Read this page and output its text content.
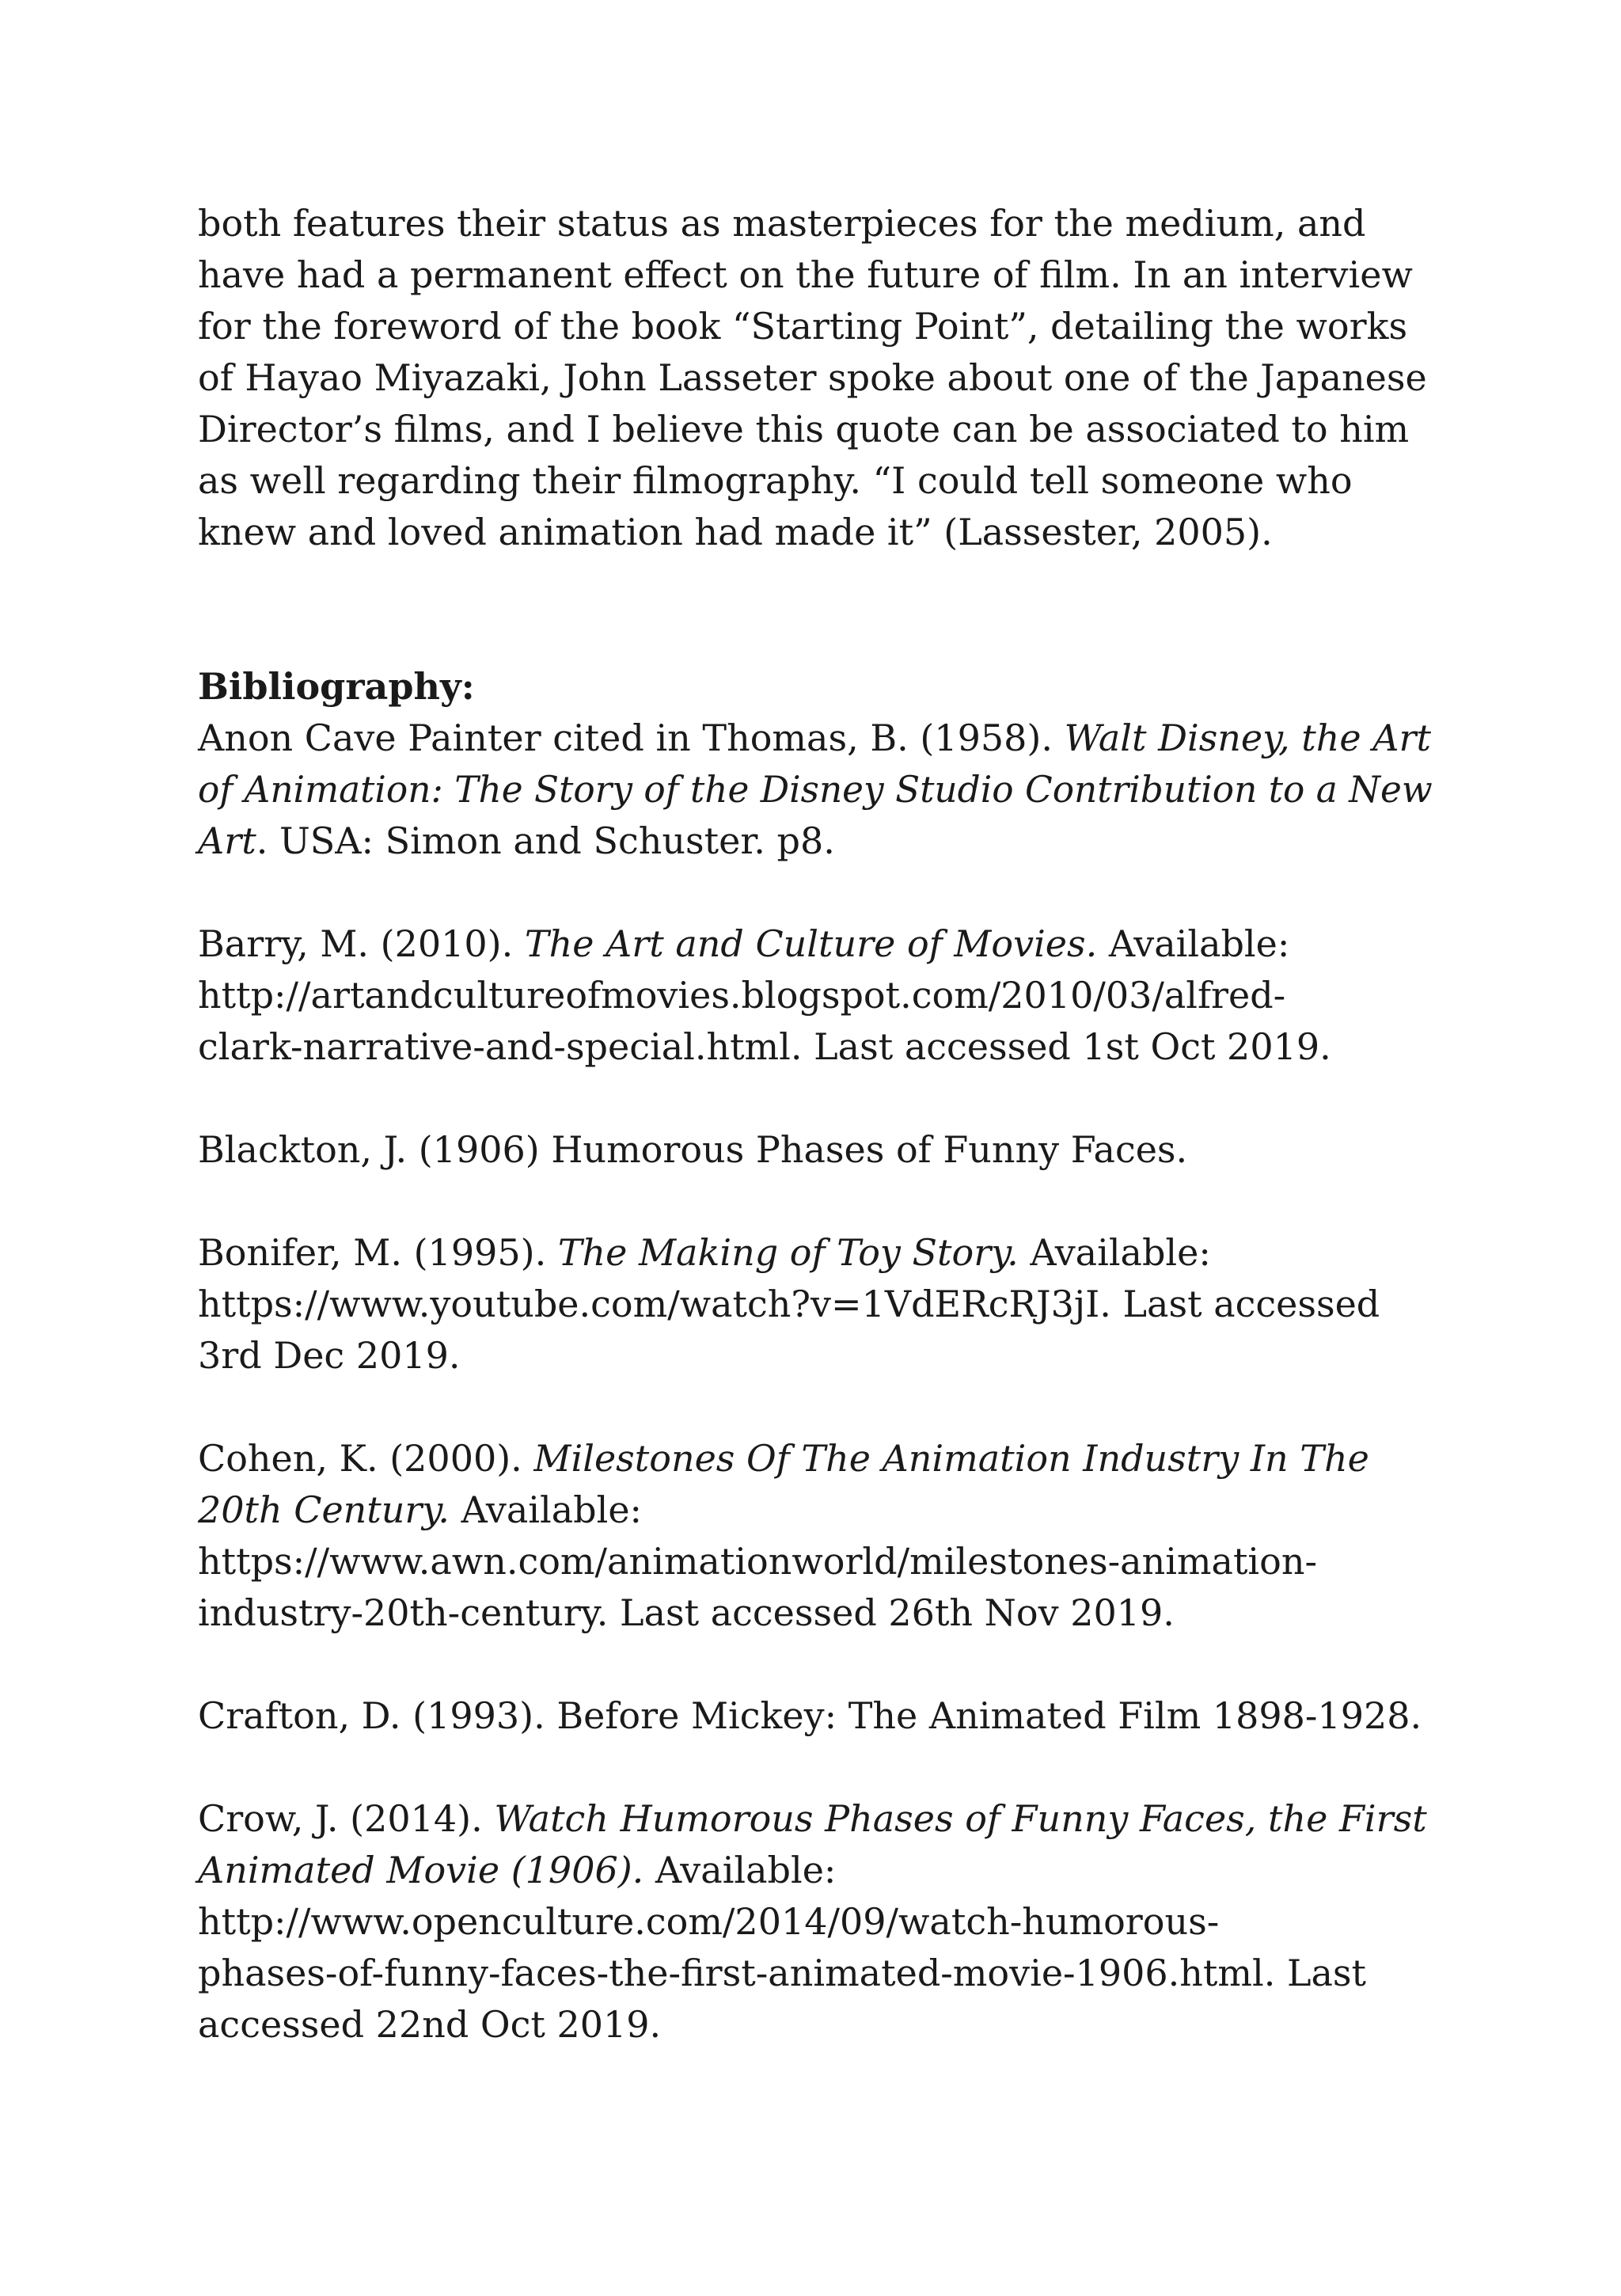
both features their status as masterpieces for the medium, and
have had a permanent effect on the future of film. In an interview
for the foreword of the book “Starting Point”, detailing the works
of Hayao Miyazaki, John Lasseter spoke about one of the Japanese
Director’s films, and I believe this quote can be associated to him
as well regarding their filmography. “I could tell someone who
knew and loved animation had made it” (Lassester, 2005).
Bibliography:
Anon Cave Painter cited in Thomas, B. (1958). Walt Disney, the Art
of Animation: The Story of the Disney Studio Contribution to a New
Art. USA: Simon and Schuster. p8.
Barry, M. (2010). The Art and Culture of Movies. Available:
http://artandcultureofmovies.blogspot.com/2010/03/alfred-
clark-narrative-and-special.html. Last accessed 1st Oct 2019.
Blackton, J. (1906) Humorous Phases of Funny Faces.
Bonifer, M. (1995). The Making of Toy Story. Available:
https://www.youtube.com/watch?v=1VdERcRJ3jI. Last accessed
3rd Dec 2019.
Cohen, K. (2000). Milestones Of The Animation Industry In The
20th Century. Available:
https://www.awn.com/animationworld/milestones-animation-
industry-20th-century. Last accessed 26th Nov 2019.
Crafton, D. (1993). Before Mickey: The Animated Film 1898-1928.
Crow, J. (2014). Watch Humorous Phases of Funny Faces, the First
Animated Movie (1906). Available:
http://www.openculture.com/2014/09/watch-humorous-
phases-of-funny-faces-the-first-animated-movie-1906.html. Last
accessed 22nd Oct 2019.
